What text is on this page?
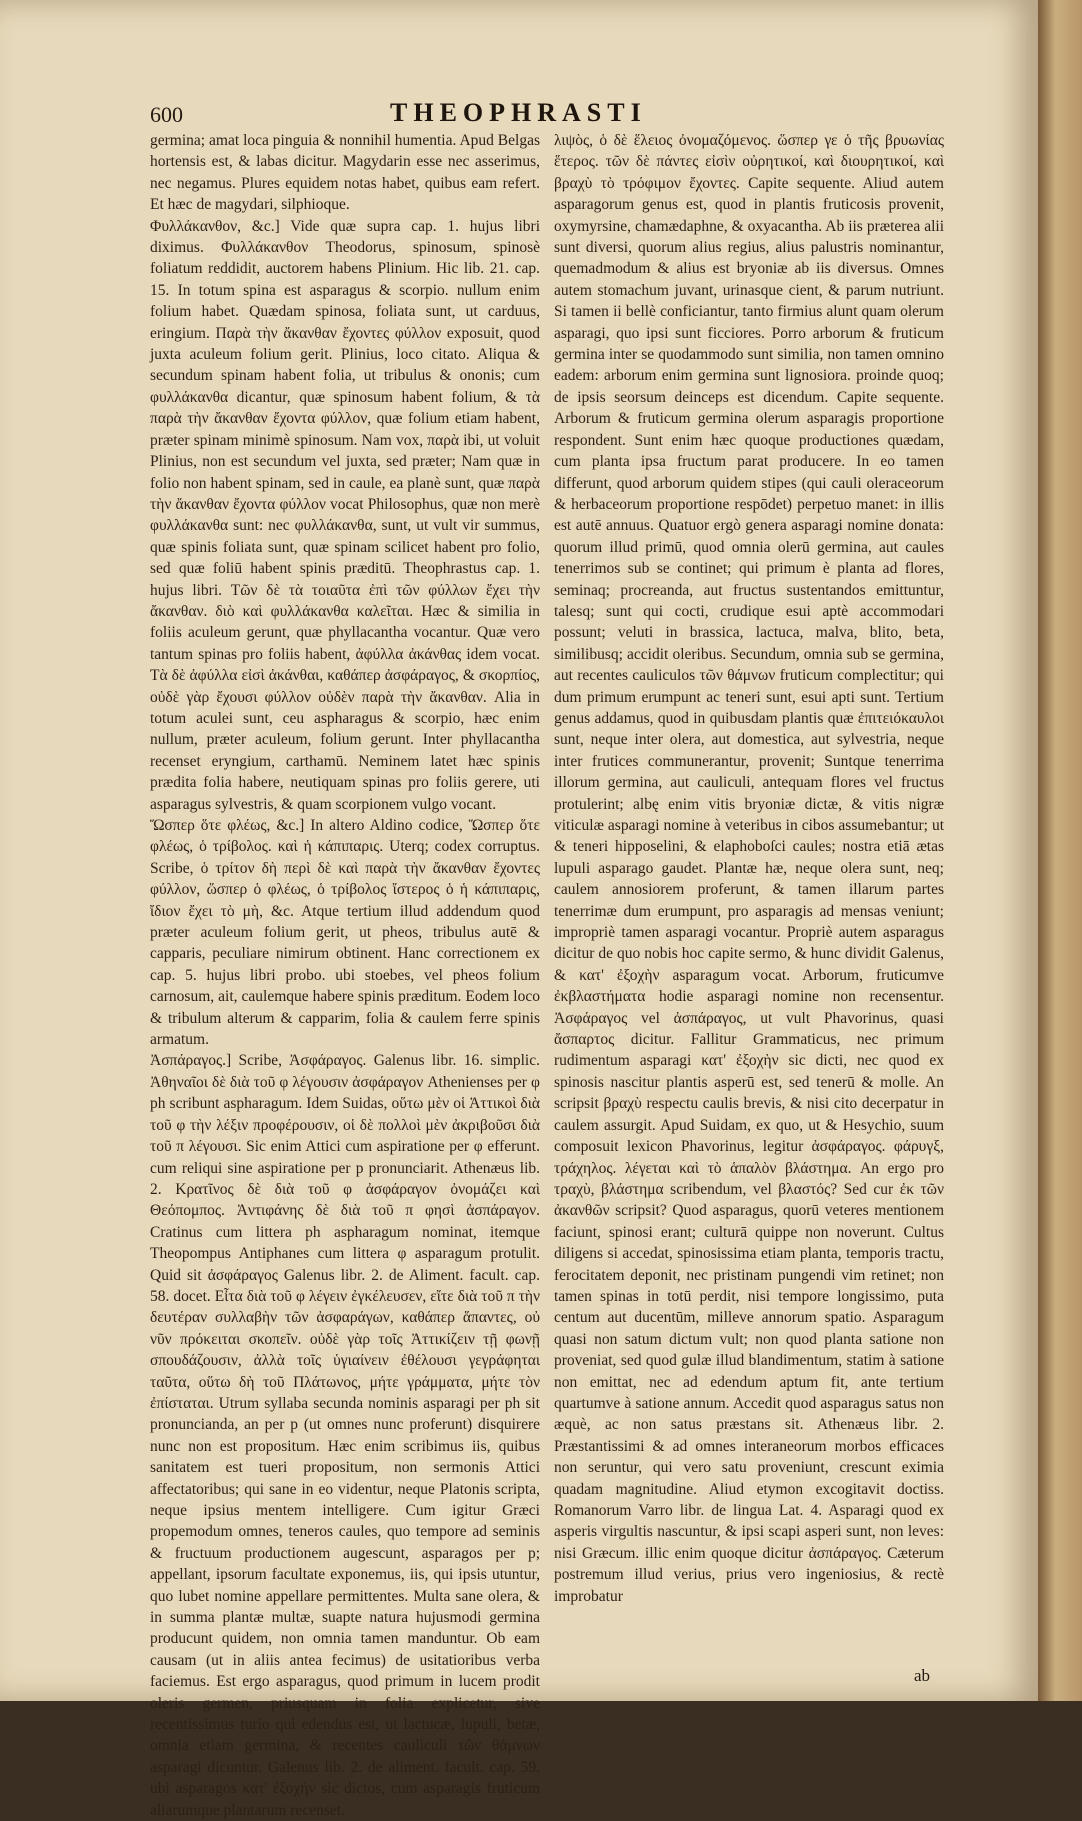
600	THEOPHRASTI

germina; amat loca pinguia & nonnihil humentia. Apud Belgas hortensis est, & labas dicitur. Magydarin esse nec asserimus, nec negamus. Plures equidem notas habet, quibus eam refert. Et hæc de magydari, silphioque.

Φυλλάκανθον, &c.] Vide quæ supra cap. 1. hujus libri diximus. Φυλλάκανθον Theodorus, spinosum, spinosè foliatum reddidit, auctorem habens Plinium. Hic lib. 21. cap. 15. In totum spina est asparagus & scorpio. nullum enim folium habet. Quædam spinosa, foliata sunt, ut carduus, eringium. Παρὰ τὴν ἄκανθαν ἔχοντες φύλλον exposuit, quod juxta aculeum folium gerit. Plinius, loco citato. Aliqua & secundum spinam habent folia, ut tribulus & ononis; cum φυλλάκανθα dicantur, quæ spinosum habent folium, & τὰ παρὰ τὴν ἄκανθαν ἔχοντα φύλλον, quæ folium etiam habent, præter spinam minimè spinosum. Nam vox, παρὰ ibi, ut voluit Plinius, non est secundum vel juxta, sed præter; Nam quæ in folio non habent spinam, sed in caule, ea planè sunt, quæ παρὰ τὴν ἄκανθαν ἔχοντα φύλλον vocat Philosophus, quæ non merè φυλλάκανθα sunt: nec φυλλάκανθα, sunt, ut vult vir summus, quæ spinis foliata sunt, quæ spinam scilicet habent pro folio, sed quæ foliū habent spinis præditū. Theophrastus cap. 1. hujus libri. Τῶν δὲ τὰ τοιαῦτα ἐπὶ τῶν φύλλων ἔχει τὴν ἄκανθαν. διὸ καὶ φυλλάκανθα καλεῖται. Hæc & similia in foliis aculeum gerunt, quæ phyllacantha vocantur. Quæ vero tantum spinas pro foliis habent, ἀφύλλα ἀκάνθας idem vocat. Τὰ δὲ ἀφύλλα εἰσὶ ἀκάνθαι, καθάπερ ἀσφάραγος, & σκορπίος, οὐδὲ γὰρ ἔχουσι φύλλον οὐδὲν παρὰ τὴν ἄκανθαν. Alia in totum aculei sunt, ceu aspharagus & scorpio, hæc enim nullum, præter aculeum, folium gerunt. Inter phyllacantha recenset eryngium, carthamū. Neminem latet hæc spinis prædita folia habere, neutiquam spinas pro foliis gerere, uti asparagus sylvestris, & quam scorpionem vulgo vocant.

Ὥσπερ ὅτε φλέως, &c.] In altero Aldino codice, Ὥσπερ ὅτε φλέως, ὁ τρίβολος. καὶ ἡ κάπιπαρις. Uterq; codex corruptus. Scribe, ὁ τρίτον δὴ περὶ δὲ καὶ παρὰ τὴν ἄκανθαν ἔχοντες φύλλον, ὥσπερ ὁ φλέως, ὁ τρίβολος ἴστερος ὁ ἡ κάπιπαρις, ἴδιον ἔχει τὸ μὴ, &c. Atque tertium illud addendum quod præter aculeum folium gerit, ut pheos, tribulus autē & capparis, peculiare nimirum obtinent. Hanc correctionem ex cap. 5. hujus libri probo. ubi stoebes, vel pheos folium carnosum, ait, caulemque habere spinis præditum. Eodem loco & tribulum alterum & capparim, folia & caulem ferre spinis armatum.

Ἀσπάραγος.] Scribe, Ἀσφάραγος. Galenus libr. 16. simplic. Ἀθηναῖοι δὲ διὰ τοῦ φ λέγουσιν ἀσφάραγον Athenienses per φ ph scribunt aspharagum. Idem Suidas, οὕτω μὲν οἱ Ἀττικοὶ διὰ τοῦ φ τὴν λέξιν προφέρουσιν, οἱ δὲ πολλοὶ μὲν ἀκριβοῦσι διὰ τοῦ π λέγουσι. Sic enim Attici cum aspiratione per φ efferunt. cum reliqui sine aspiratione per p pronunciarit. Athenæus lib. 2. Κρατῖνος δὲ διὰ τοῦ φ ἀσφάραγον ὀνομάζει καὶ Θεόπομπος. Ἀντιφάνης δὲ διὰ τοῦ π φησὶ ἀσπάραγον. Cratinus cum littera ph aspharagum nominat, itemque Theopompus Antiphanes cum littera φ asparagum protulit. Quid sit ἀσφάραγος Galenus libr. 2. de Aliment. facult. cap. 58. docet. Εἶτα διὰ τοῦ φ λέγειν ἐγκέλευσεν, εἴτε διὰ τοῦ π τὴν δευτέραν συλλαβὴν τῶν ἀσφαράγων, καθάπερ ἅπαντες, οὐ νῦν πρόκειται σκοπεῖν. οὐδὲ γὰρ τοῖς Ἀττικίζειν τῇ φωνῇ σπουδάζουσιν, ἀλλὰ τοῖς ὑγιαίνειν ἐθέλουσι γεγράφηται ταῦτα, οὕτω δὴ τοῦ Πλάτωνος, μήτε γράμματα, μήτε τὸν ἐπίσταται. Utrum syllaba secunda nominis asparagi per ph sit pronuncianda, an per p (ut omnes nunc proferunt) disquirere nunc non est propositum. Hæc enim scribimus iis, quibus sanitatem est tueri propositum, non sermonis Attici affectatoribus; qui sane in eo videntur, neque Platonis scripta, neque ipsius mentem intelligere. Cum igitur Græci propemodum omnes, teneros caules, quo tempore ad seminis & fructuum productionem augescunt, asparagos per p; appellant, ipsorum facultate exponemus, iis, qui ipsis utuntur, quo lubet nomine appellare permittentes. Multa sane olera, & in summa plantæ multæ, suapte natura hujusmodi germina producunt quidem, non omnia tamen manduntur. Ob eam causam (ut in aliis antea fecimus) de usitatioribus verba faciemus. Est ergo asparagus, quod primum in lucem prodit oleris germen, priusquam in folia explicetur, sive recentissimus turio qui edendus est, ut lactucæ, lupuli, betæ, omnia etiam germina, & recentes cauliculi τῶν θάμνων asparagi dicuntur. Galenus lib. 2. de aliment. facult. cap. 59. ubi asparagos κατ' ἐξοχὴν sic dictos, cum asparagis fruticum aliarumque plantarum recenset.

λιψὸς, ὁ δὲ ἕλειος ὀνομαζόμενος. ὥσπερ γε ὁ τῆς βρυωνίας ἕτερος. τῶν δὲ πάντες εἰσὶν οὐρητικοί, καὶ διουρητικοί, καὶ βραχὺ τὸ τρόφιμον ἔχοντες. Capite sequente. Aliud autem asparagorum genus est, quod in plantis fruticosis provenit, oxymyrsine, chamædaphne, & oxyacantha. Ab iis præterea alii sunt diversi, quorum alius regius, alius palustris nominantur, quemadmodum & alius est bryoniæ ab iis diversus. Omnes autem stomachum juvant, urinasque cient, & parum nutriunt. Si tamen ii bellè conficiantur, tanto firmius alunt quam olerum asparagi, quo ipsi sunt ficciores. Porro arborum & fruticum germina inter se quodammodo sunt similia, non tamen omnino eadem: arborum enim germina sunt lignosiora. proinde quoq; de ipsis seorsum deinceps est dicendum. Capite sequente. Arborum & fruticum germina olerum asparagis proportione respondent. Sunt enim hæc quoque productiones quædam, cum planta ipsa fructum parat producere. In eo tamen differunt, quod arborum quidem stipes (qui cauli oleraceorum & herbaceorum proportione respōdet) perpetuo manet: in illis est autē annuus. Quatuor ergò genera asparagi nomine donata: quorum illud primū, quod omnia olerū germina, aut caules tenerrimos sub se continet; qui primum è planta ad flores, seminaq; procreanda, aut fructus sustentandos emittuntur, talesq; sunt qui cocti, crudique esui aptè accommodari possunt; veluti in brassica, lactuca, malva, blito, beta, similibusq; accidit oleribus. Secundum, omnia sub se germina, aut recentes cauliculos τῶν θάμνων fruticum complectitur; qui dum primum erumpunt ac teneri sunt, esui apti sunt. Tertium genus addamus, quod in quibusdam plantis quæ ἐπιτειόκαυλοι sunt, neque inter olera, aut domestica, aut sylvestria, neque inter frutices communerantur, provenit; Suntque tenerrima illorum germina, aut cauliculi, antequam flores vel fructus protulerint; albę enim vitis bryoniæ dictæ, & vitis nigræ viticulæ asparagi nomine à veteribus in cibos assumebantur; ut & teneri hipposelini, & elaphoboſci caules; nostra etiā ætas lupuli asparago gaudet. Plantæ hæ, neque olera sunt, neq; caulem annosiorem proferunt, & tamen illarum partes tenerrimæ dum erumpunt, pro asparagis ad mensas veniunt; impropriè tamen asparagi vocantur. Propriè autem asparagus dicitur de quo nobis hoc capite sermo, & hunc dividit Galenus, & κατ' ἐξοχὴν asparagum vocat. Arborum, fruticumve ἐκβλαστήματα hodie asparagi nomine non recensentur. Ἀσφάραγος vel ἀσπάραγος, ut vult Phavorinus, quasi ἄσπαρτος dicitur. Fallitur Grammaticus, nec primum rudimentum asparagi κατ' ἐξοχὴν sic dicti, nec quod ex spinosis nascitur plantis asperū est, sed tenerū & molle. An scripsit βραχὺ respectu caulis brevis, & nisi cito decerpatur in caulem assurgit. Apud Suidam, ex quo, ut & Hesychio, suum composuit lexicon Phavorinus, legitur ἀσφάραγος. φάρυγξ, τράχηλος. λέγεται καὶ τὸ ἁπαλὸν βλάστημα. An ergo pro τραχὺ, βλάστημα scribendum, vel βλαστός? Sed cur ἐκ τῶν ἀκανθῶν scripsit? Quod asparagus, quorū veteres mentionem faciunt, spinosi erant; culturā quippe non noverunt. Cultus diligens si accedat, spinosissima etiam planta, temporis tractu, ferocitatem deponit, nec pristinam pungendi vim retinet; non tamen spinas in totū perdit, nisi tempore longissimo, puta centum aut ducentūm, milleve annorum spatio. Asparagum quasi non satum dictum vult; non quod planta satione non proveniat, sed quod gulæ illud blandimentum, statim à satione non emittat, nec ad edendum aptum fit, ante tertium quartumve à satione annum. Accedit quod asparagus satus non æquè, ac non satus præstans sit. Athenæus libr. 2. Præstantissimi & ad omnes interaneorum morbos efficaces non seruntur, qui vero satu proveniunt, crescunt eximia quadam magnitudine. Aliud etymon excogitavit doctiss. Romanorum Varro libr. de lingua Lat. 4. Asparagi quod ex asperis virgultis nascuntur, & ipsi scapi asperi sunt, non leves: nisi Græcum. illic enim quoque dicitur ἀσπάραγος. Cæterum postremum illud verius, prius vero ingeniosius, & rectè improbatur

ab
